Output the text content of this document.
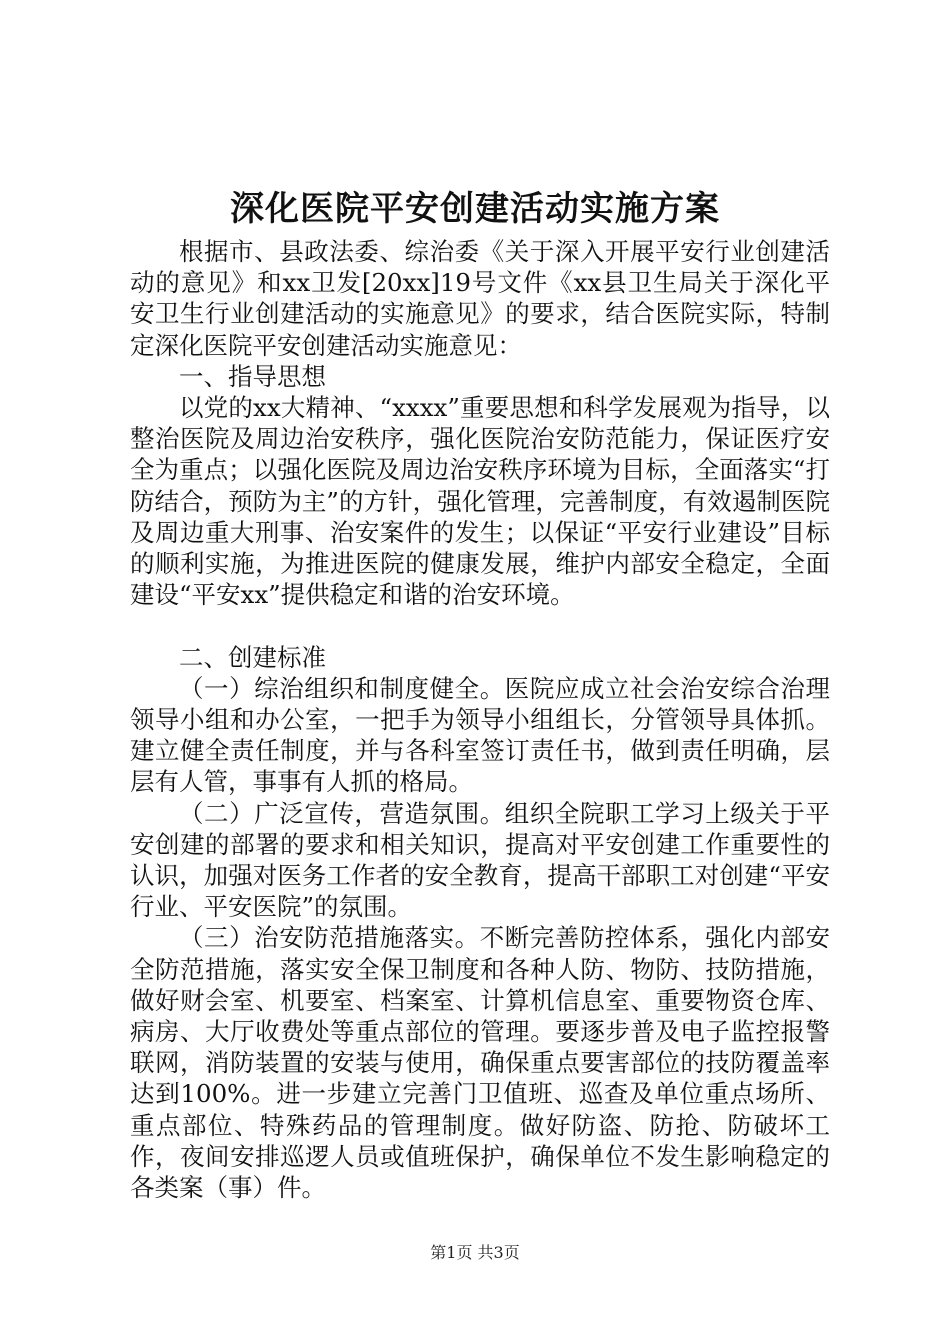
深化医院平安创建活动实施方案

根据市、县政法委、综治委《关于深入开展平安行业创建活动的意见》和xx卫发[20xx]19号文件《xx县卫生局关于深化平安卫生行业创建活动的实施意见》的要求，结合医院实际，特制定深化医院平安创建活动实施意见：

一、指导思想

以党的xx大精神、“xxxx”重要思想和科学发展观为指导，以整治医院及周边治安秩序，强化医院治安防范能力，保证医疗安全为重点；以强化医院及周边治安秩序环境为目标，全面落实“打防结合，预防为主”的方针，强化管理，完善制度，有效遏制医院及周边重大刑事、治安案件的发生；以保证“平安行业建设”目标的顺利实施，为推进医院的健康发展，维护内部安全稳定，全面建设“平安xx”提供稳定和谐的治安环境。

二、创建标准

（一）综治组织和制度健全。医院应成立社会治安综合治理领导小组和办公室，一把手为领导小组组长，分管领导具体抓。建立健全责任制度，并与各科室签订责任书，做到责任明确，层层有人管，事事有人抓的格局。

（二）广泛宣传，营造氛围。组织全院职工学习上级关于平安创建的部署的要求和相关知识，提高对平安创建工作重要性的认识，加强对医务工作者的安全教育，提高干部职工对创建“平安行业、平安医院”的氛围。

（三）治安防范措施落实。不断完善防控体系，强化内部安全防范措施，落实安全保卫制度和各种人防、物防、技防措施，做好财会室、机要室、档案室、计算机信息室、重要物资仓库、病房、大厅收费处等重点部位的管理。要逐步普及电子监控报警联网，消防装置的安装与使用，确保重点要害部位的技防覆盖率达到100%。进一步建立完善门卫值班、巡查及单位重点场所、重点部位、特殊药品的管理制度。做好防盗、防抢、防破坏工作，夜间安排巡逻人员或值班保护，确保单位不发生影响稳定的各类案（事）件。

第1页 共3页
